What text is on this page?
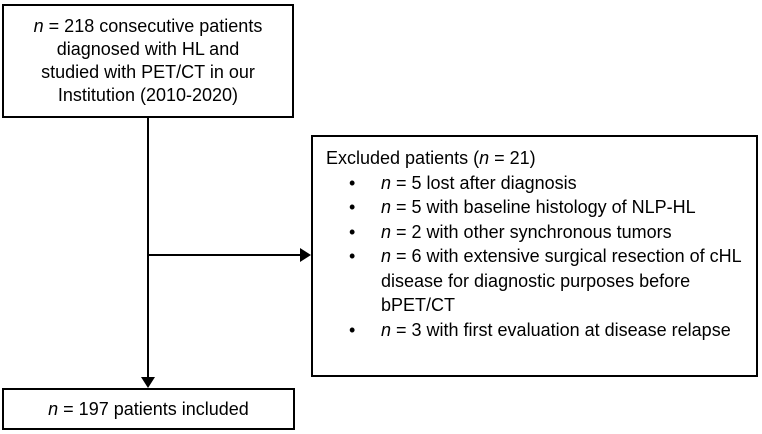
n = 218 consecutive patients
diagnosed with HL and
studied with PET/CT in our
Institution (2010-2020)
Excluded patients (n = 21)
• n = 5 lost after diagnosis
• n = 5 with baseline histology of NLP-HL
• n = 2 with other synchronous tumors
• n = 6 with extensive surgical resection of cHL disease for diagnostic purposes before bPET/CT
• n = 3 with first evaluation at disease relapse
n = 197 patients included
